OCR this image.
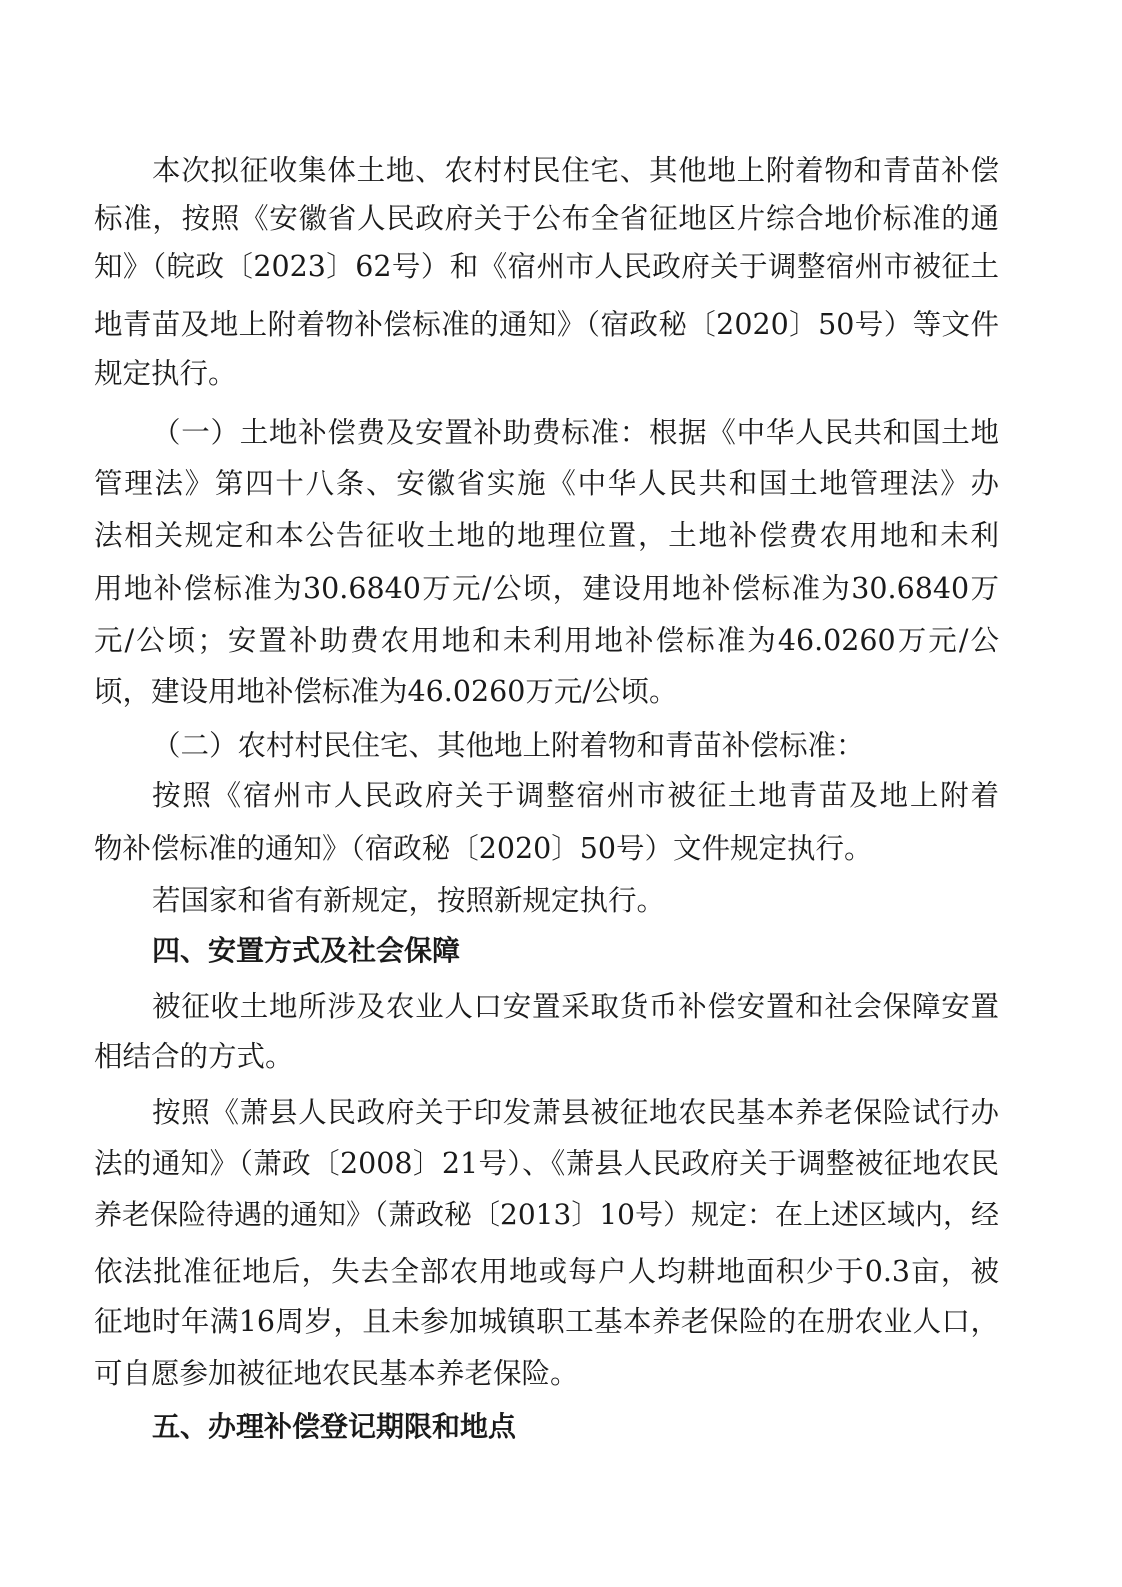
本次拟征收集体土地、农村村民住宅、其他地上附着物和青苗补偿
标准，按照《安徽省人民政府关于公布全省征地区片综合地价标准的通
知》（皖政〔2023〕62号）和《宿州市人民政府关于调整宿州市被征土
地青苗及地上附着物补偿标准的通知》（宿政秘〔2020〕50号）等文件
规定执行。
（一）土地补偿费及安置补助费标准：根据《中华人民共和国土地
管理法》第四十八条、安徽省实施《中华人民共和国土地管理法》办
法相关规定和本公告征收土地的地理位置，土地补偿费农用地和未利
用地补偿标准为30.6840万元/公顷，建设用地补偿标准为30.6840万
元/公顷；安置补助费农用地和未利用地补偿标准为46.0260万元/公
顷，建设用地补偿标准为46.0260万元/公顷。
（二）农村村民住宅、其他地上附着物和青苗补偿标准：
按照《宿州市人民政府关于调整宿州市被征土地青苗及地上附着
物补偿标准的通知》（宿政秘〔2020〕50号）文件规定执行。
若国家和省有新规定，按照新规定执行。
四、安置方式及社会保障
被征收土地所涉及农业人口安置采取货币补偿安置和社会保障安置
相结合的方式。
按照《萧县人民政府关于印发萧县被征地农民基本养老保险试行办
法的通知》（萧政〔2008〕21号）、《萧县人民政府关于调整被征地农民
养老保险待遇的通知》（萧政秘〔2013〕10号）规定：在上述区域内，经
依法批准征地后，失去全部农用地或每户人均耕地面积少于0.3亩，被
征地时年满16周岁，且未参加城镇职工基本养老保险的在册农业人口，
可自愿参加被征地农民基本养老保险。
五、办理补偿登记期限和地点
